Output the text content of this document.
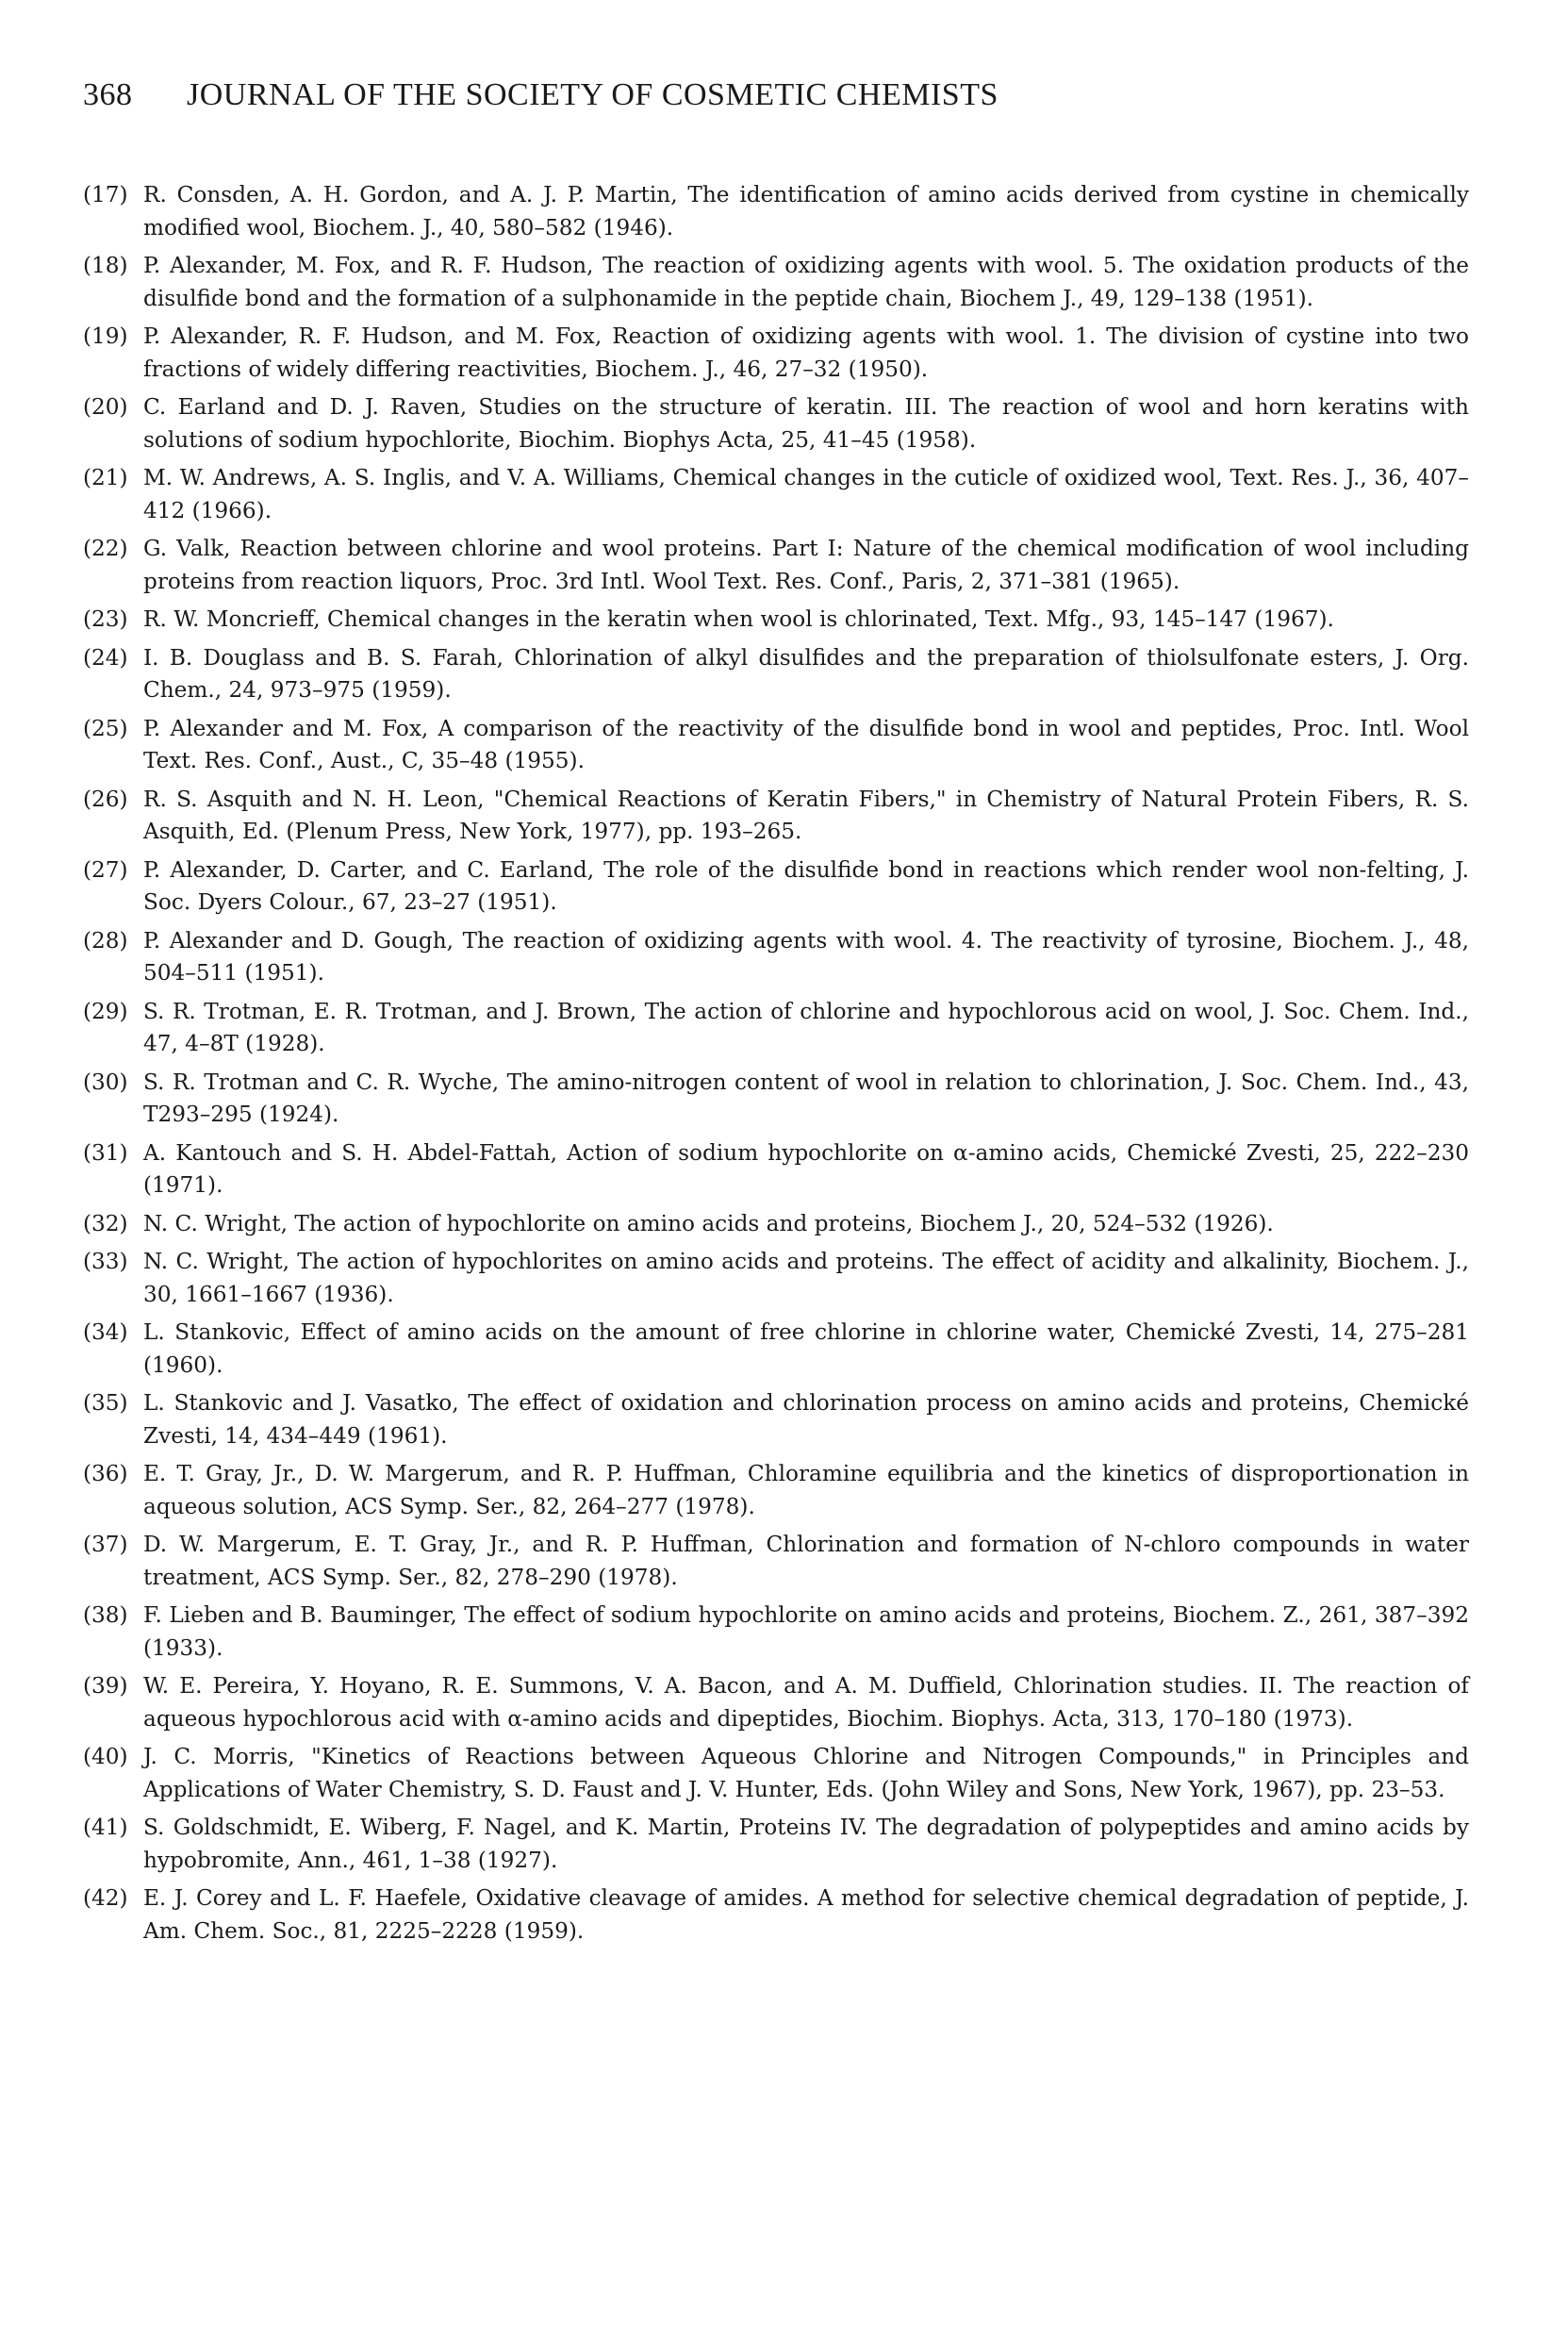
368	JOURNAL OF THE SOCIETY OF COSMETIC CHEMISTS
(17) R. Consden, A. H. Gordon, and A. J. P. Martin, The identification of amino acids derived from cystine in chemically modified wool, Biochem. J., 40, 580–582 (1946).
(18) P. Alexander, M. Fox, and R. F. Hudson, The reaction of oxidizing agents with wool. 5. The oxidation products of the disulfide bond and the formation of a sulphonamide in the peptide chain, Biochem J., 49, 129–138 (1951).
(19) P. Alexander, R. F. Hudson, and M. Fox, Reaction of oxidizing agents with wool. 1. The division of cystine into two fractions of widely differing reactivities, Biochem. J., 46, 27–32 (1950).
(20) C. Earland and D. J. Raven, Studies on the structure of keratin. III. The reaction of wool and horn keratins with solutions of sodium hypochlorite, Biochim. Biophys Acta, 25, 41–45 (1958).
(21) M. W. Andrews, A. S. Inglis, and V. A. Williams, Chemical changes in the cuticle of oxidized wool, Text. Res. J., 36, 407–412 (1966).
(22) G. Valk, Reaction between chlorine and wool proteins. Part I: Nature of the chemical modification of wool including proteins from reaction liquors, Proc. 3rd Intl. Wool Text. Res. Conf., Paris, 2, 371–381 (1965).
(23) R. W. Moncrieff, Chemical changes in the keratin when wool is chlorinated, Text. Mfg., 93, 145–147 (1967).
(24) I. B. Douglass and B. S. Farah, Chlorination of alkyl disulfides and the preparation of thiolsulfonate esters, J. Org. Chem., 24, 973–975 (1959).
(25) P. Alexander and M. Fox, A comparison of the reactivity of the disulfide bond in wool and peptides, Proc. Intl. Wool Text. Res. Conf., Aust., C, 35–48 (1955).
(26) R. S. Asquith and N. H. Leon, "Chemical Reactions of Keratin Fibers," in Chemistry of Natural Protein Fibers, R. S. Asquith, Ed. (Plenum Press, New York, 1977), pp. 193–265.
(27) P. Alexander, D. Carter, and C. Earland, The role of the disulfide bond in reactions which render wool non-felting, J. Soc. Dyers Colour., 67, 23–27 (1951).
(28) P. Alexander and D. Gough, The reaction of oxidizing agents with wool. 4. The reactivity of tyrosine, Biochem. J., 48, 504–511 (1951).
(29) S. R. Trotman, E. R. Trotman, and J. Brown, The action of chlorine and hypochlorous acid on wool, J. Soc. Chem. Ind., 47, 4–8T (1928).
(30) S. R. Trotman and C. R. Wyche, The amino-nitrogen content of wool in relation to chlorination, J. Soc. Chem. Ind., 43, T293–295 (1924).
(31) A. Kantouch and S. H. Abdel-Fattah, Action of sodium hypochlorite on α-amino acids, Chemické Zvesti, 25, 222–230 (1971).
(32) N. C. Wright, The action of hypochlorite on amino acids and proteins, Biochem J., 20, 524–532 (1926).
(33) N. C. Wright, The action of hypochlorites on amino acids and proteins. The effect of acidity and alkalinity, Biochem. J., 30, 1661–1667 (1936).
(34) L. Stankovic, Effect of amino acids on the amount of free chlorine in chlorine water, Chemické Zvesti, 14, 275–281 (1960).
(35) L. Stankovic and J. Vasatko, The effect of oxidation and chlorination process on amino acids and proteins, Chemické Zvesti, 14, 434–449 (1961).
(36) E. T. Gray, Jr., D. W. Margerum, and R. P. Huffman, Chloramine equilibria and the kinetics of disproportionation in aqueous solution, ACS Symp. Ser., 82, 264–277 (1978).
(37) D. W. Margerum, E. T. Gray, Jr., and R. P. Huffman, Chlorination and formation of N-chloro compounds in water treatment, ACS Symp. Ser., 82, 278–290 (1978).
(38) F. Lieben and B. Bauminger, The effect of sodium hypochlorite on amino acids and proteins, Biochem. Z., 261, 387–392 (1933).
(39) W. E. Pereira, Y. Hoyano, R. E. Summons, V. A. Bacon, and A. M. Duffield, Chlorination studies. II. The reaction of aqueous hypochlorous acid with α-amino acids and dipeptides, Biochim. Biophys. Acta, 313, 170–180 (1973).
(40) J. C. Morris, "Kinetics of Reactions between Aqueous Chlorine and Nitrogen Compounds," in Principles and Applications of Water Chemistry, S. D. Faust and J. V. Hunter, Eds. (John Wiley and Sons, New York, 1967), pp. 23–53.
(41) S. Goldschmidt, E. Wiberg, F. Nagel, and K. Martin, Proteins IV. The degradation of polypeptides and amino acids by hypobromite, Ann., 461, 1–38 (1927).
(42) E. J. Corey and L. F. Haefele, Oxidative cleavage of amides. A method for selective chemical degradation of peptide, J. Am. Chem. Soc., 81, 2225–2228 (1959).
